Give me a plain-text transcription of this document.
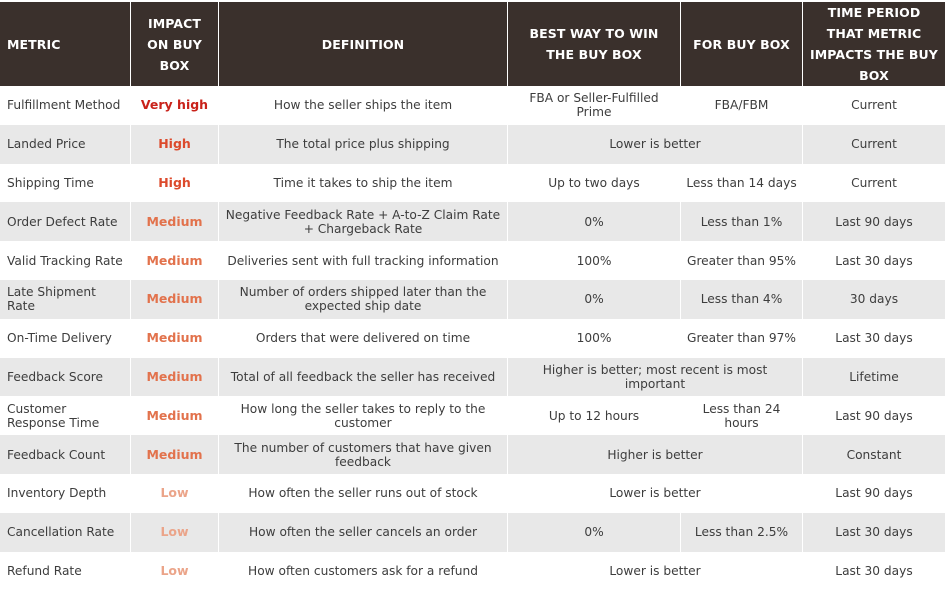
METRIC	IMPACT ON BUY BOX	DEFINITION	BEST WAY TO WIN THE BUY BOX	FOR BUY BOX	TIME PERIOD THAT METRIC IMPACTS THE BUY BOX
Fulfillment Method	Very high	How the seller ships the item	FBA or Seller-Fulfilled Prime	FBA/FBM	Current
Landed Price	High	The total price plus shipping	Lower is better		Current
Shipping Time	High	Time it takes to ship the item	Up to two days	Less than 14 days	Current
Order Defect Rate	Medium	Negative Feedback Rate + A-to-Z Claim Rate + Chargeback Rate	0%	Less than 1%	Last 90 days
Valid Tracking Rate	Medium	Deliveries sent with full tracking information	100%	Greater than 95%	Last 30 days
Late Shipment Rate	Medium	Number of orders shipped later than the expected ship date	0%	Less than 4%	30 days
On-Time Delivery	Medium	Orders that were delivered on time	100%	Greater than 97%	Last 30 days
Feedback Score	Medium	Total of all feedback the seller has received	Higher is better; most recent is most important		Lifetime
Customer Response Time	Medium	How long the seller takes to reply to the customer	Up to 12 hours	Less than 24 hours	Last 90 days
Feedback Count	Medium	The number of customers that have given feedback	Higher is better		Constant
Inventory Depth	Low	How often the seller runs out of stock	Lower is better		Last 90 days
Cancellation Rate	Low	How often the seller cancels an order	0%	Less than 2.5%	Last 30 days
Refund Rate	Low	How often customers ask for a refund	Lower is better		Last 30 days
